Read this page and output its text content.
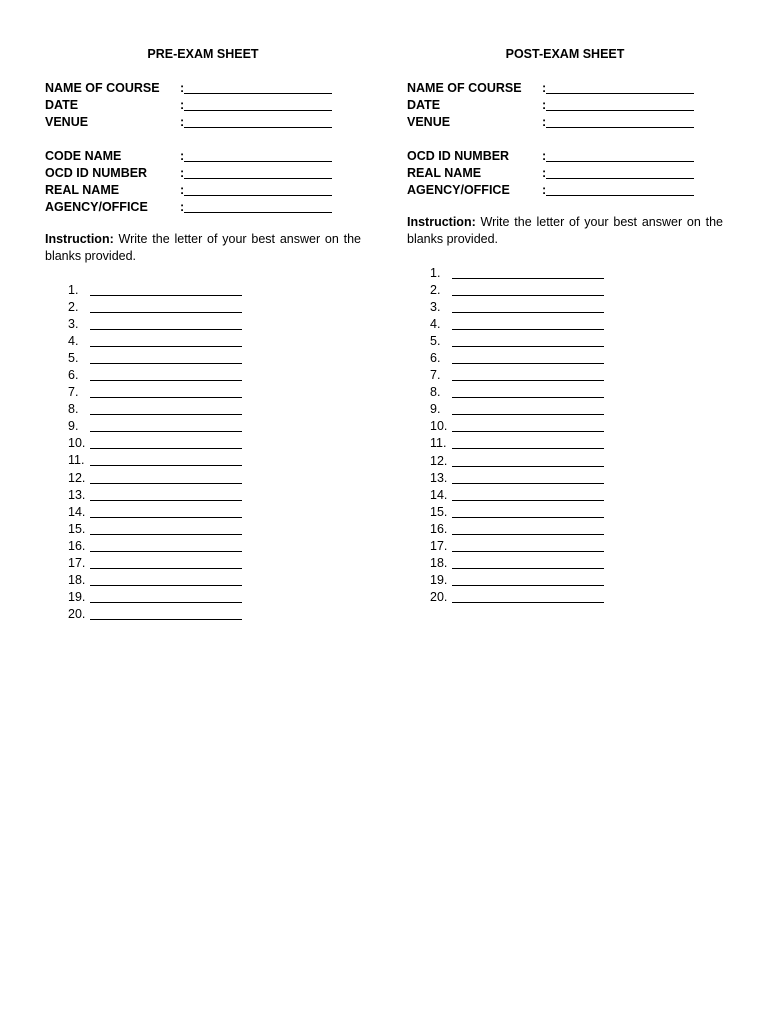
PRE-EXAM SHEET
NAME OF COURSE	:
DATE	:
VENUE	:
CODE NAME	:
OCD ID NUMBER	:
REAL NAME	:
AGENCY/OFFICE	:
Instruction: Write the letter of your best answer on the blanks provided.
1.
2.
3.
4.
5.
6.
7.
8.
9.
10.
11.
12.
13.
14.
15.
16.
17.
18.
19.
20.
POST-EXAM SHEET
NAME OF COURSE	:
DATE	:
VENUE	:
OCD ID NUMBER	:
REAL NAME	:
AGENCY/OFFICE	:
Instruction: Write the letter of your best answer on the blanks provided.
1.
2.
3.
4.
5.
6.
7.
8.
9.
10.
11.
12.
13.
14.
15.
16.
17.
18.
19.
20.
